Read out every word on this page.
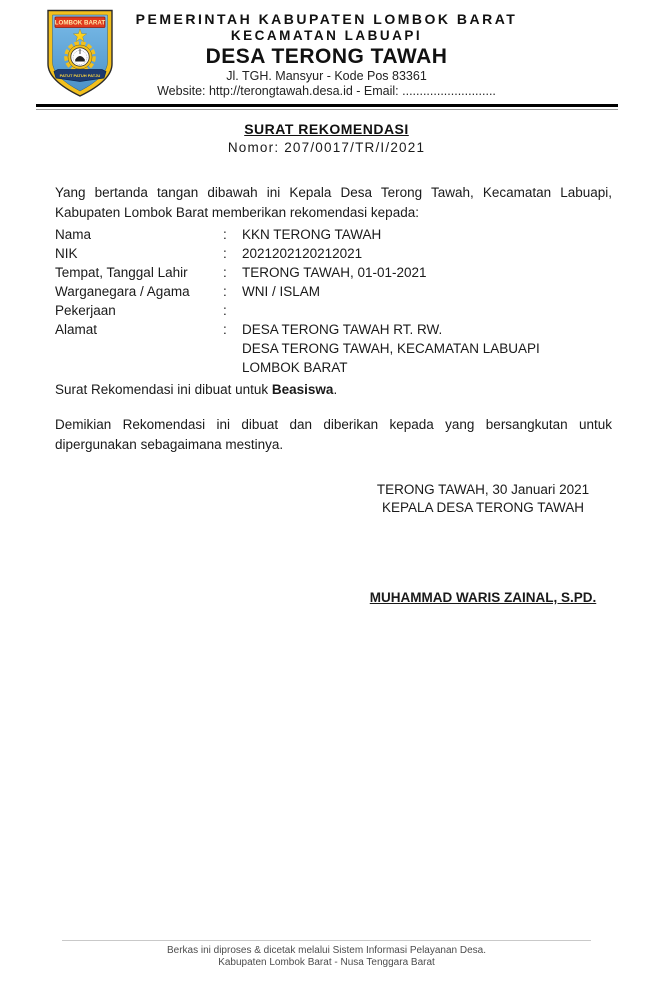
LOMBOK BARAT
PATUT PATUH PATJU
PEMERINTAH KABUPATEN LOMBOK BARAT
KECAMATAN LABUAPI
DESA TERONG TAWAH
Jl. TGH. Mansyur - Kode Pos 83361
Website: http://terongtawah.desa.id - Email: ...........................
SURAT REKOMENDASI
Nomor: 207/0017/TR/I/2021

Yang bertanda tangan dibawah ini Kepala Desa Terong Tawah, Kecamatan Labuapi, Kabupaten Lombok Barat memberikan rekomendasi kepada:

Nama	:	KKN TERONG TAWAH
NIK	:	2021202120212021
Tempat, Tanggal Lahir	:	TERONG TAWAH, 01-01-2021
Warganegara / Agama	:	WNI / ISLAM
Pekerjaan	:
Alamat	:	DESA TERONG TAWAH RT. RW.
DESA TERONG TAWAH, KECAMATAN LABUAPI
LOMBOK BARAT

Surat Rekomendasi ini dibuat untuk Beasiswa.

Demikian Rekomendasi ini dibuat dan diberikan kepada yang bersangkutan untuk dipergunakan sebagaimana mestinya.

TERONG TAWAH, 30 Januari 2021
KEPALA DESA TERONG TAWAH
MUHAMMAD WARIS ZAINAL, S.PD.
Berkas ini diproses & dicetak melalui Sistem Informasi Pelayanan Desa.
Kabupaten Lombok Barat - Nusa Tenggara Barat
